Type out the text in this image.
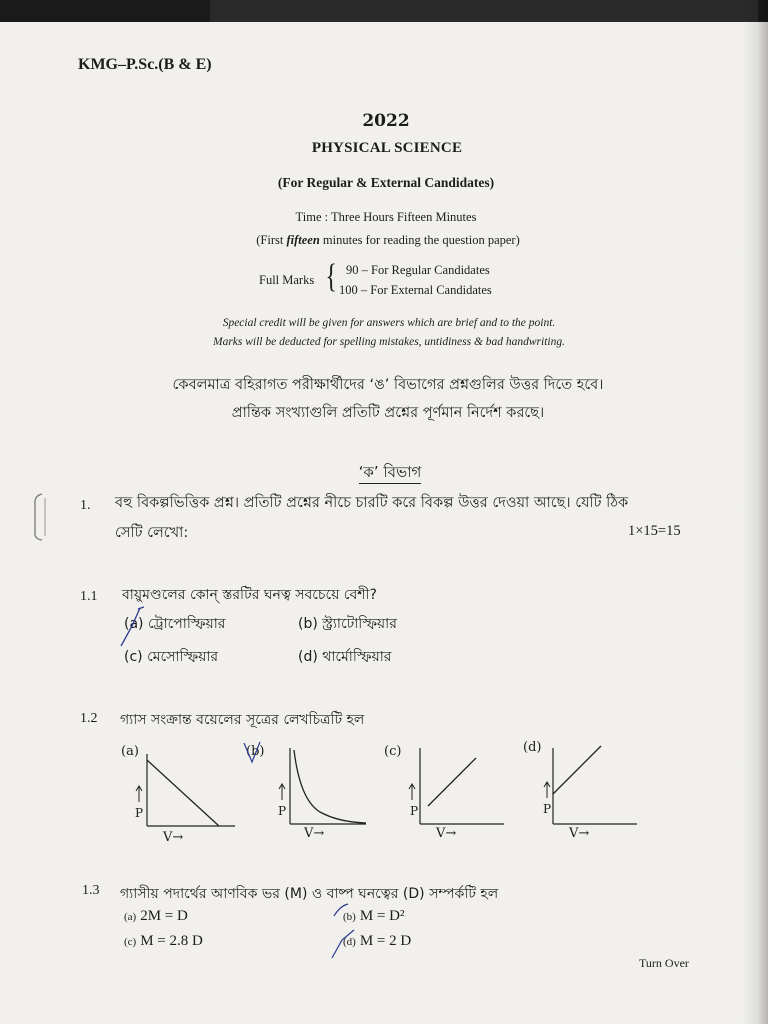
KMG–P.Sc.(B & E)
2022
PHYSICAL SCIENCE
(For Regular & External Candidates)
Time : Three Hours Fifteen Minutes
(First fifteen minutes for reading the question paper)
Full Marks { 90 – For Regular Candidates
100 – For External Candidates
Special credit will be given for answers which are brief and to the point.
Marks will be deducted for spelling mistakes, untidiness & bad handwriting.
কেবলমাত্র বহিরাগত পরীক্ষার্থীদের ‘ঙ’ বিভাগের প্রশ্নগুলির উত্তর দিতে হবে।
প্রান্তিক সংখ্যাগুলি প্রতিটি প্রশ্নের পূর্ণমান নির্দেশ করছে।
‘ক’ বিভাগ
1. বহু বিকল্পভিত্তিক প্রশ্ন। প্রতিটি প্রশ্নের নীচে চারটি করে বিকল্প উত্তর দেওয়া আছে। যেটি ঠিক
সেটি লেখো:	1×15=15
1.1 বায়ুমণ্ডলের কোন্ স্তরটির ঘনত্ব সবচেয়ে বেশী?
(a) ট্রোপোস্ফিয়ার	(b) স্ট্র্যাটোস্ফিয়ার
(c) মেসোস্ফিয়ার	(d) থার্মোস্ফিয়ার
1.2 গ্যাস সংক্রান্ত বয়েলের সূত্রের লেখচিত্রটি হল
(a)
P
V→
(b)
P
V→
(c)
P
V→
(d)
P
V→
1.3 গ্যাসীয় পদার্থের আণবিক ভর (M) ও বাষ্প ঘনত্বের (D) সম্পর্কটি হল
(a) 2M = D	(b) M = D²
(c) M = 2.8 D	(d) M = 2 D
Turn Over
